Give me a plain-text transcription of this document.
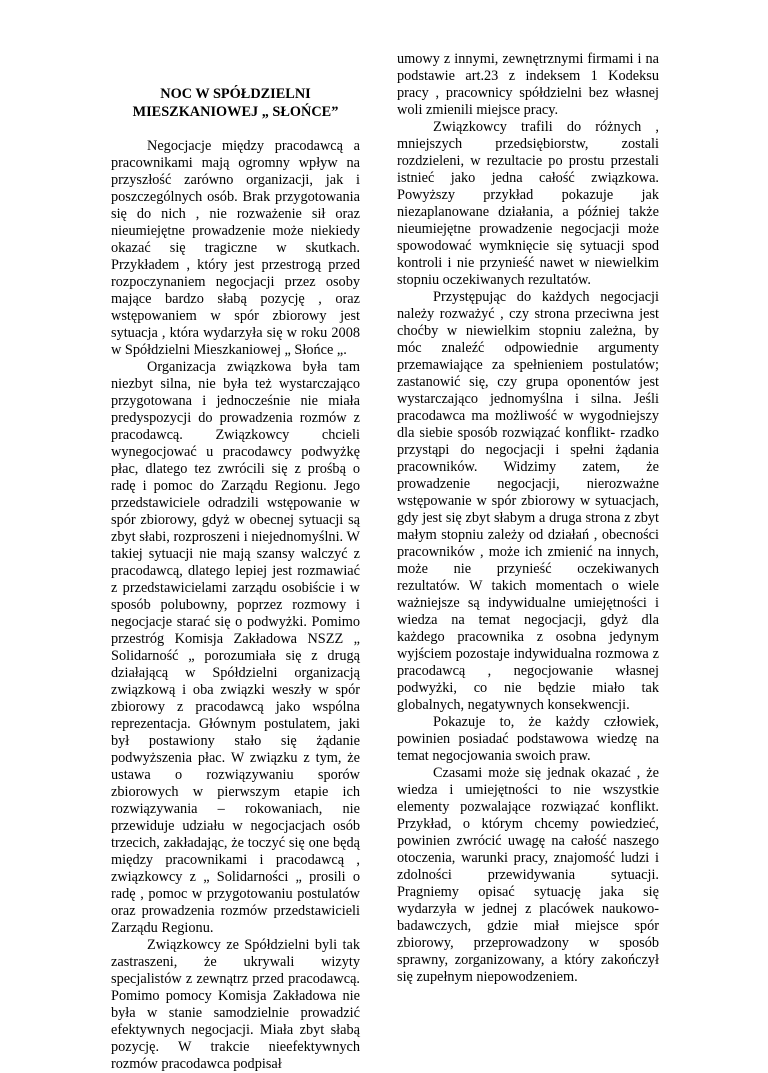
NOC W SPÓŁDZIELNI

MIESZKANIOWEJ „ SŁOŃCE”

Negocjacje między pracodawcą a pracownikami mają ogromny wpływ na przyszłość zarówno organizacji, jak i poszczególnych osób. Brak przygotowania się do nich , nie rozważenie sił oraz nieumiejętne prowadzenie może niekiedy okazać się tragiczne w skutkach. Przykładem , który jest przestrogą przed rozpoczynaniem negocjacji przez osoby mające bardzo słabą pozycję , oraz wstępowaniem w spór zbiorowy jest sytuacja , która wydarzyła się w roku 2008 w Spółdzielni Mieszkaniowej „ Słońce „.

Organizacja związkowa była tam niezbyt silna, nie była też wystarczająco przygotowana i jednocześnie nie miała predyspozycji do prowadzenia rozmów z pracodawcą. Związkowcy chcieli wynegocjować u pracodawcy podwyżkę płac, dlatego tez zwrócili się z prośbą o radę i pomoc do Zarządu Regionu. Jego przedstawiciele odradzili wstępowanie w spór zbiorowy, gdyż w obecnej sytuacji są zbyt słabi, rozproszeni i niejednomyślni. W takiej sytuacji nie mają szansy walczyć z pracodawcą, dlatego lepiej jest rozmawiać z przedstawicielami zarządu osobiście i w sposób polubowny, poprzez rozmowy i negocjacje starać się o podwyżki. Pomimo przestróg Komisja Zakładowa NSZZ „ Solidarność „ porozumiała się z drugą działającą w Spółdzielni organizacją związkową i oba związki weszły w spór zbiorowy z pracodawcą jako wspólna reprezentacja. Głównym postulatem, jaki był postawiony stało się żądanie podwyższenia płac. W związku z tym, że ustawa o rozwiązywaniu sporów zbiorowych w pierwszym etapie ich rozwiązywania – rokowaniach, nie przewiduje udziału w negocjacjach osób trzecich, zakładając, że toczyć się one będą między pracownikami i pracodawcą , związkowcy z „ Solidarności „ prosili o radę , pomoc w przygotowaniu postulatów oraz prowadzenia rozmów przedstawicieli Zarządu Regionu.

Związkowcy ze Spółdzielni byli tak zastraszeni, że ukrywali wizyty specjalistów z zewnątrz przed pracodawcą. Pomimo pomocy Komisja Zakładowa nie była w stanie samodzielnie prowadzić efektywnych negocjacji. Miała zbyt słabą pozycję. W trakcie nieefektywnych rozmów pracodawca podpisał

umowy z innymi, zewnętrznymi firmami i na podstawie art.23 z indeksem 1 Kodeksu pracy , pracownicy spółdzielni bez własnej woli zmienili miejsce pracy.

Związkowcy trafili do różnych , mniejszych przedsiębiorstw, zostali rozdzieleni, w rezultacie po prostu przestali istnieć jako jedna całość związkowa. Powyższy przykład pokazuje jak niezaplanowane działania, a później także nieumiejętne prowadzenie negocjacji może spowodować wymknięcie się sytuacji spod kontroli i nie przynieść nawet w niewielkim stopniu oczekiwanych rezultatów.

Przystępując do każdych negocjacji należy rozważyć , czy strona przeciwna jest choćby w niewielkim stopniu zależna, by móc znaleźć odpowiednie argumenty przemawiające za spełnieniem postulatów; zastanowić się, czy grupa oponentów jest wystarczająco jednomyślna i silna. Jeśli pracodawca ma możliwość w wygodniejszy dla siebie sposób rozwiązać konflikt- rzadko przystąpi do negocjacji i spełni żądania pracowników. Widzimy zatem, że prowadzenie negocjacji, nierozważne wstępowanie w spór zbiorowy w sytuacjach, gdy jest się zbyt słabym a druga strona z zbyt małym stopniu zależy od działań , obecności pracowników , może ich zmienić na innych, może nie przynieść oczekiwanych rezultatów. W takich momentach o wiele ważniejsze są indywidualne umiejętności i wiedza na temat negocjacji, gdyż dla każdego pracownika z osobna jedynym wyjściem pozostaje indywidualna rozmowa z pracodawcą , negocjowanie własnej podwyżki, co nie będzie miało tak globalnych, negatywnych konsekwencji.

Pokazuje to, że każdy człowiek, powinien posiadać podstawowa wiedzę na temat negocjowania swoich praw.

Czasami może się jednak okazać , że wiedza i umiejętności to nie wszystkie elementy pozwalające rozwiązać konflikt. Przykład, o którym chcemy powiedzieć, powinien zwrócić uwagę na całość naszego otoczenia, warunki pracy, znajomość ludzi i zdolności przewidywania sytuacji. Pragniemy opisać sytuację jaka się wydarzyła w jednej z placówek naukowo- badawczych, gdzie miał miejsce spór zbiorowy, przeprowadzony w sposób sprawny, zorganizowany, a który zakończył się zupełnym niepowodzeniem.
